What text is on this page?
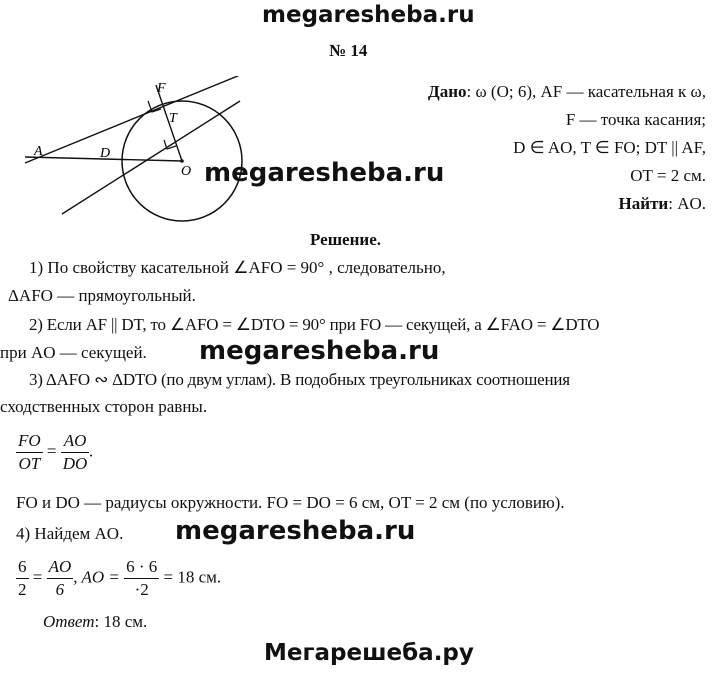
megaresheba.ru
№ 14
A	D
F
T
O
Дано: ω (O; 6), AF — касательная к ω,
F — точка касания;
D ∈ AO, T ∈ FO; DT || AF,
OT = 2 см.
Найти: AO.
megaresheba.ru
Решение.
1) По свойству касательной ∠AFO = 90° , следовательно,
ΔAFO — прямоугольный.
2) Если AF || DT, то ∠AFO = ∠DTO = 90° при FO — секущей, а ∠FAO = ∠DTO
при AO — секущей. megaresheba.ru
3) ΔAFO ∾ ΔDTO (по двум углам). В подобных треугольниках соотношения
сходственных сторон равны.
$\frac{FO}{OT} = \frac{AO}{DO}$ .
FO и DO — радиусы окружности. FO = DO = 6 см, OT = 2 см (по условию).
4) Найдем AO. megaresheba.ru
$\frac{6}{2} = \frac{AO}{6}$ , AO = $\frac{6 \cdot 6}{\cdot 2} = 18$ см.
Ответ: 18 см.
Мегарешеба.ру
